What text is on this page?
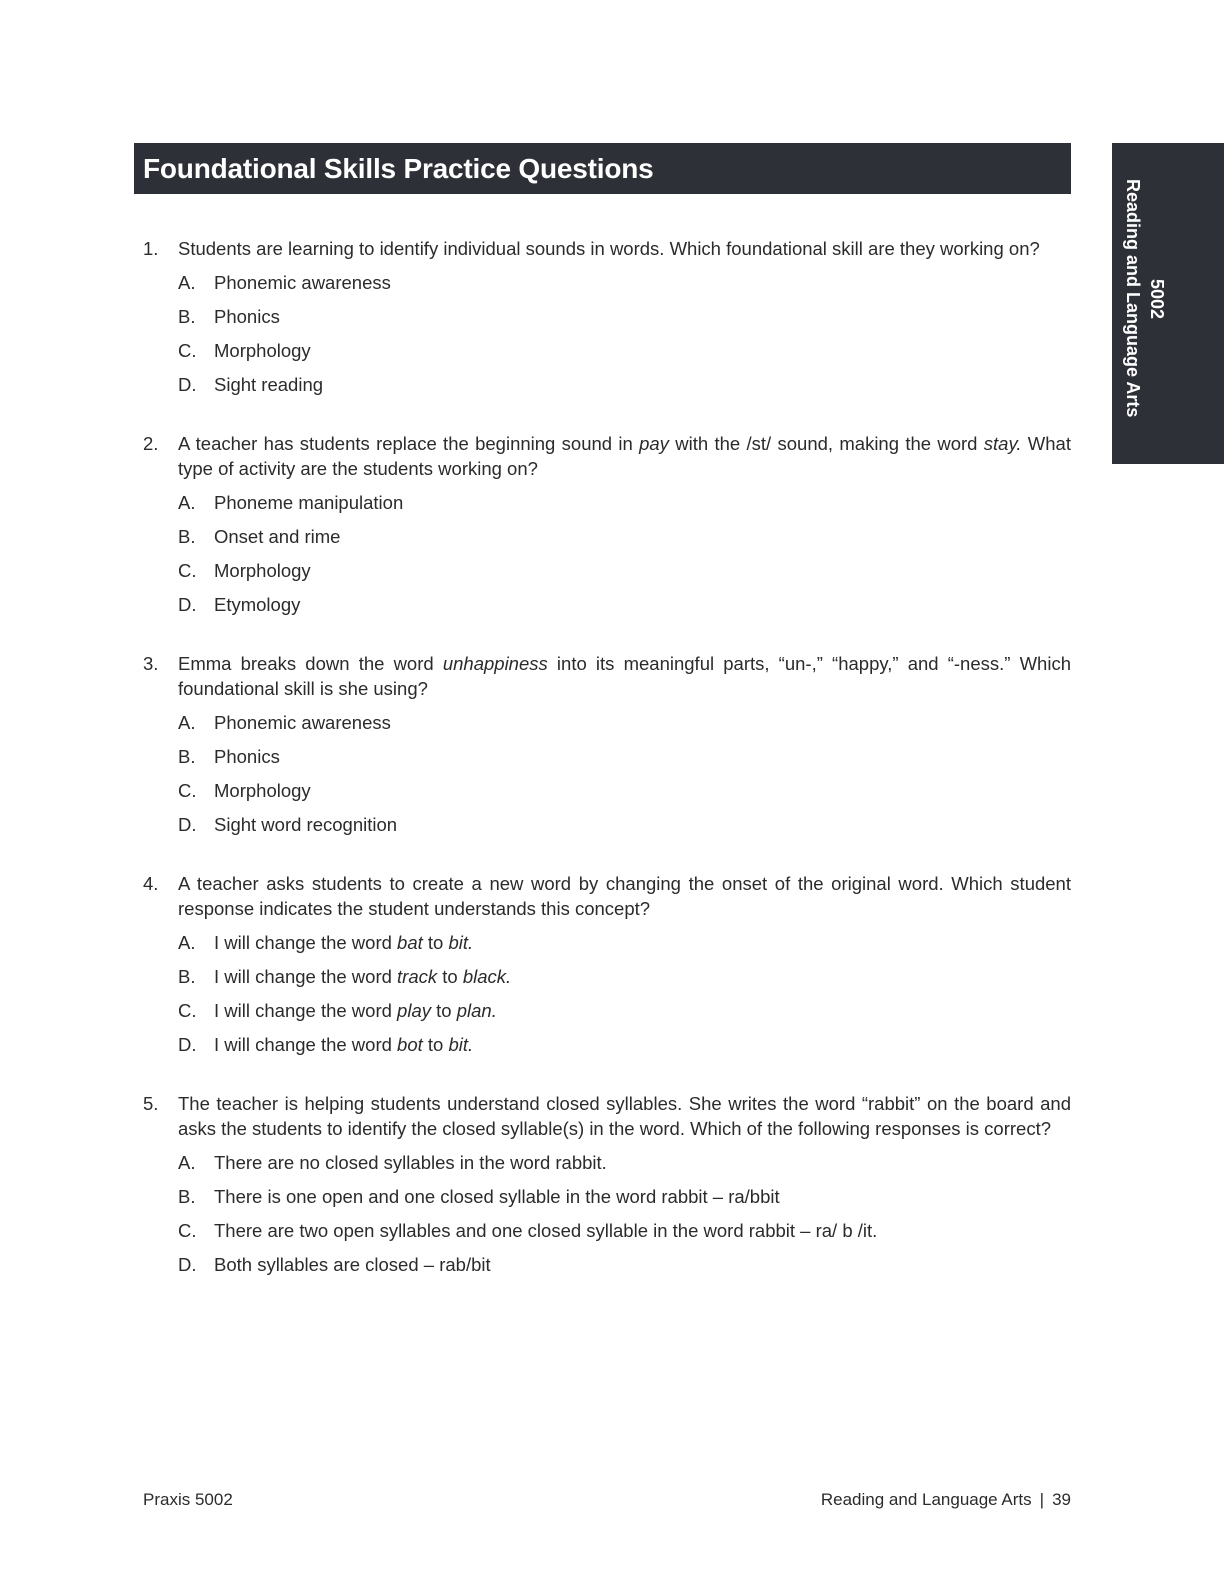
Foundational Skills Practice Questions
5002
Reading and Language Arts
1. Students are learning to identify individual sounds in words. Which foundational skill are they working on?
A. Phonemic awareness
B. Phonics
C. Morphology
D. Sight reading
2. A teacher has students replace the beginning sound in pay with the /st/ sound, making the word stay. What type of activity are the students working on?
A. Phoneme manipulation
B. Onset and rime
C. Morphology
D. Etymology
3. Emma breaks down the word unhappiness into its meaningful parts, “un-,” “happy,” and “-ness.” Which foundational skill is she using?
A. Phonemic awareness
B. Phonics
C. Morphology
D. Sight word recognition
4. A teacher asks students to create a new word by changing the onset of the original word. Which student response indicates the student understands this concept?
A. I will change the word bat to bit.
B. I will change the word track to black.
C. I will change the word play to plan.
D. I will change the word bot to bit.
5. The teacher is helping students understand closed syllables. She writes the word “rabbit” on the board and asks the students to identify the closed syllable(s) in the word. Which of the following responses is correct?
A. There are no closed syllables in the word rabbit.
B. There is one open and one closed syllable in the word rabbit – ra/bbit
C. There are two open syllables and one closed syllable in the word rabbit – ra/ b /it.
D. Both syllables are closed – rab/bit
Praxis 5002	Reading and Language Arts | 39
